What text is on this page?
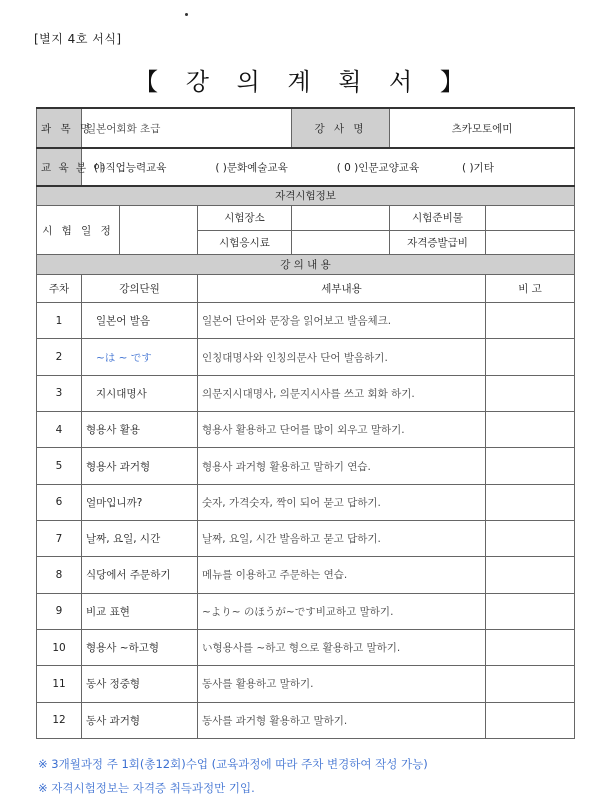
[별지 4호 서식]
【 강 의 계 획 서 】
과 목 명	일본어회화 초급			강 사 명	츠카모토에미	
교 육 분 야	( )직업능력교육 ( )문화예술교육 ( 0 )인문교양교육 ( )기타					
자격시험정보						
시 험 일 정			시험장소		시험준비물	
			시험응시료		자격증발급비	
강 의 내 용						
주차	강의단원		세부내용			비 고
1	일본어 발음		일본어 단어와 문장을 읽어보고 발음체크.			
2	~は ~ です		인칭대명사와 인칭의문사 단어 발음하기.			
3	지시대명사		의문지시대명사, 의문지시사를 쓰고 회화 하기.			
4	형용사 활용		형용사 활용하고 단어를 많이 외우고 말하기.			
5	형용사 과거형		형용사 과거형 활용하고 말하기 연습.			
6	얼마입니까?		숫자, 가격숫자, 짝이 되어 묻고 답하기.			
7	날짜, 요일, 시간		날짜, 요일, 시간 발음하고 묻고 답하기.			
8	식당에서 주문하기		메뉴를 이용하고 주문하는 연습.			
9	비교 표현		~より~ のほうが~です비교하고 말하기.			
10	형용사 ~하고형		い형용사를 ~하고 형으로 활용하고 말하기.			
11	동사 정중형		동사를 활용하고 말하기.			
12	동사 과거형		동사를 과거형 활용하고 말하기.			
※ 3개월과정 주 1회(총12회)수업 (교육과정에 따라 주차 변경하여 작성 가능)
※ 자격시험정보는 자격증 취득과정만 기입.
